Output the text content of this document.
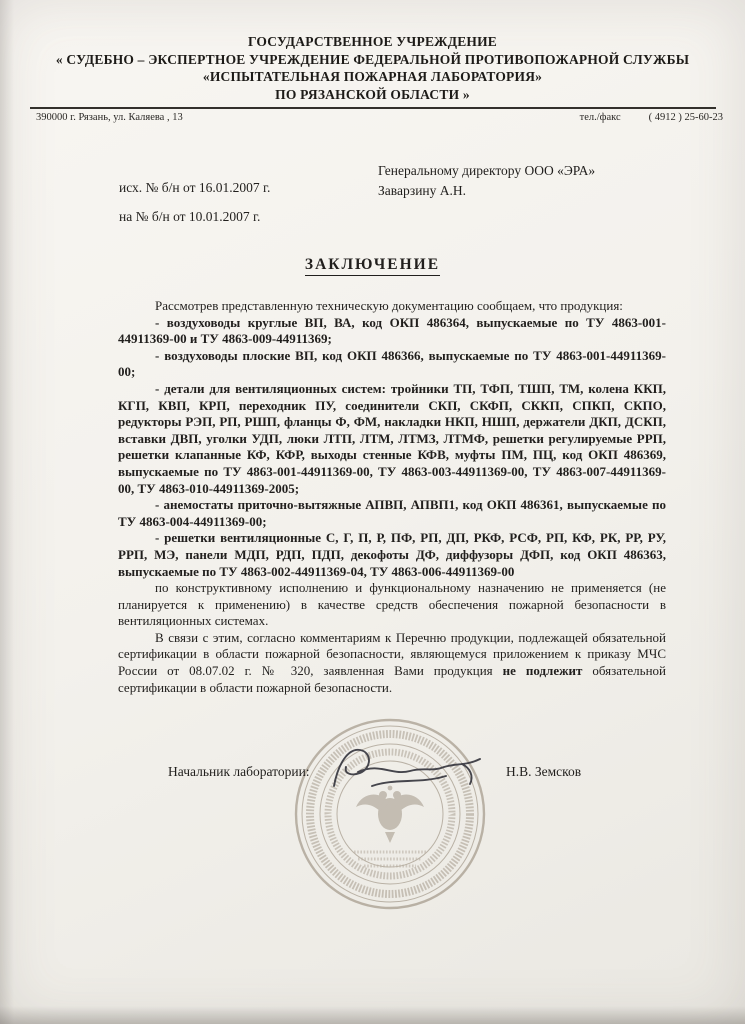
ГОСУДАРСТВЕННОЕ УЧРЕЖДЕНИЕ
« СУДЕБНО – ЭКСПЕРТНОЕ УЧРЕЖДЕНИЕ ФЕДЕРАЛЬНОЙ ПРОТИВОПОЖАРНОЙ СЛУЖБЫ
«ИСПЫТАТЕЛЬНАЯ ПОЖАРНАЯ ЛАБОРАТОРИЯ»
ПО РЯЗАНСКОЙ ОБЛАСТИ »
390000 г. Рязань, ул. Каляева , 13	тел./факс	( 4912 ) 25-60-23
Генеральному директору ООО «ЭРА»
Заварзину А.Н.
исх. № б/н от 16.01.2007 г.
на № б/н от 10.01.2007 г.
ЗАКЛЮЧЕНИЕ

Рассмотрев представленную техническую документацию сообщаем, что продукция:

- воздуховоды круглые ВП, ВА, код ОКП 486364, выпускаемые по ТУ 4863-001-44911369-00 и ТУ 4863-009-44911369;

- воздуховоды плоские ВП, код ОКП 486366, выпускаемые по ТУ 4863-001-44911369-00;

- детали для вентиляционных систем: тройники ТП, ТФП, ТШП, ТМ, колена ККП, КГП, КВП, КРП, переходник ПУ, соединители СКП, СКФП, СККП, СПКП, СКПО, редукторы РЭП, РП, РШП, фланцы Ф, ФМ, накладки НКП, НШП, держатели ДКП, ДСКП, вставки ДВП, уголки УДП, люки ЛТП, ЛТМ, ЛТМЗ, ЛТМФ, решетки регулируемые РРП, решетки клапанные КФ, КФР, выходы стенные КФВ, муфты ПМ, ПЦ, код ОКП 486369, выпускаемые по ТУ 4863-001-44911369-00, ТУ 4863-003-44911369-00, ТУ 4863-007-44911369-00, ТУ 4863-010-44911369-2005;

- анемостаты приточно-вытяжные АПВП, АПВП1, код ОКП 486361, выпускаемые по ТУ 4863-004-44911369-00;

- решетки вентиляционные С, Г, П, Р, ПФ, РП, ДП, РКФ, РСФ, РП, КФ, РК, РР, РУ, РРП, МЭ, панели МДП, РДП, ПДП, декофоты ДФ, диффузоры ДФП, код ОКП 486363, выпускаемые по ТУ 4863-002-44911369-04, ТУ 4863-006-44911369-00

по конструктивному исполнению и функциональному назначению не применяется (не планируется к применению) в качестве средств обеспечения пожарной безопасности в вентиляционных системах.

В связи с этим, согласно комментариям к Перечню продукции, подлежащей обязательной сертификации в области пожарной безопасности, являющемуся приложением к приказу МЧС России от 08.07.02 г. № 320, заявленная Вами продукция не подлежит обязательной сертификации в области пожарной безопасности.

Начальник лаборатории:	Н.В. Земсков
